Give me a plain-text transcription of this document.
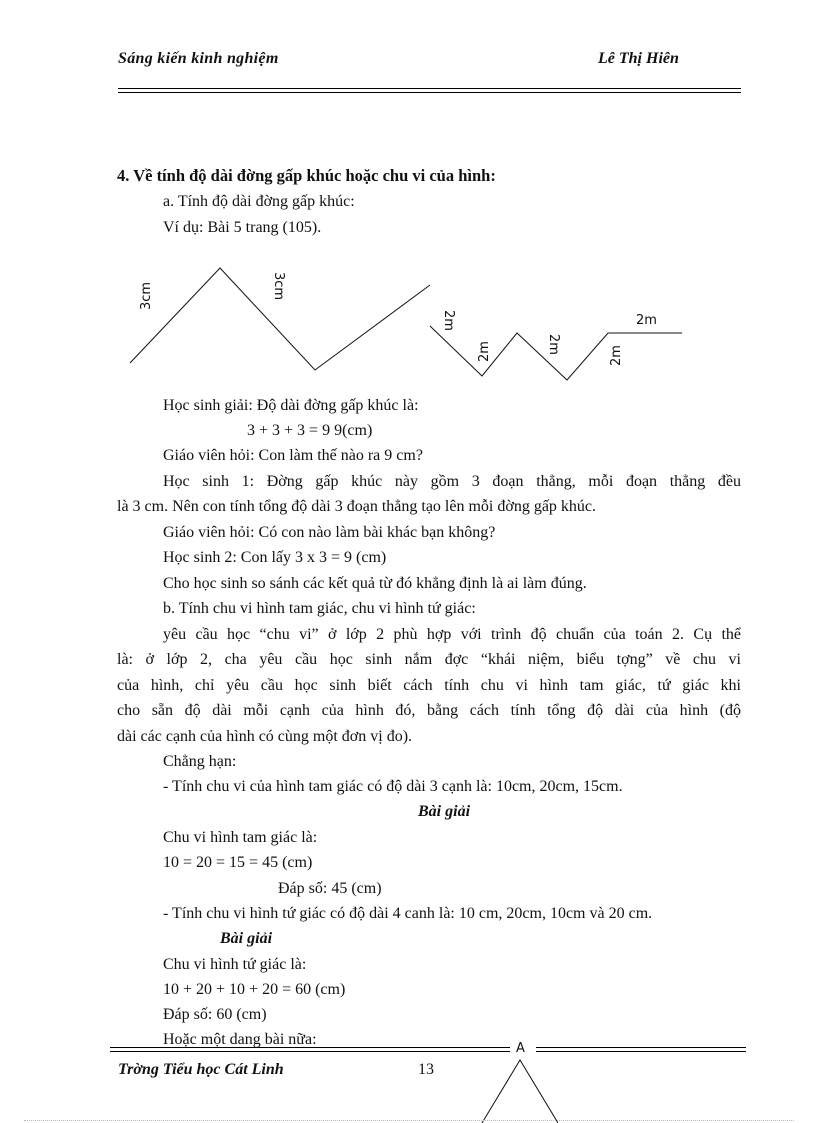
Sáng kiến kinh nghiệm	Lê Thị Hiên
4. Về tính độ dài đờng gấp khúc hoặc chu vi của hình:
a. Tính độ dài đờng gấp khúc:
Ví dụ: Bài 5 trang (105).
3cm	3cm
2m
2m	2m
2m
2m
Học sinh giải: Độ dài đờng gấp khúc là:
3 + 3 + 3 = 9 9(cm)
Giáo viên hỏi: Con làm thế nào ra 9 cm?
Học sinh 1: Đờng gấp khúc này gồm 3 đoạn thẳng, mỗi đoạn thẳng đều
là 3 cm. Nên con tính tổng độ dài 3 đoạn thẳng tạo lên mỗi đờng gấp khúc.
Giáo viên hỏi: Có con nào làm bài khác bạn không?
Học sinh 2: Con lấy 3 x 3 = 9 (cm)
Cho học sinh so sánh các kết quả từ đó khẳng định là ai làm đúng.
b. Tính chu vi hình tam giác, chu vi hình tứ giác:
yêu cầu học “chu vi” ở lớp 2 phù hợp với trình độ chuẩn của toán 2. Cụ thể
là: ở lớp 2, cha yêu cầu học sinh nắm đợc “khái niệm, biểu tợng” về chu vi
của hình, chỉ yêu cầu học sinh biết cách tính chu vi hình tam giác, tứ giác khi
cho sẵn độ dài mỗi cạnh của hình đó, bằng cách tính tổng độ dài của hình (độ
dài các cạnh của hình có cùng một đơn vị đo).
Chẳng hạn:
- Tính chu vi của hình tam giác có độ dài 3 cạnh là: 10cm, 20cm, 15cm.
Bài giải
Chu vi hình tam giác là:
10 = 20 = 15 = 45 (cm)
Đáp số: 45 (cm)
- Tính chu vi hình tứ giác có độ dài 4 canh là: 10 cm, 20cm, 10cm và 20 cm.
Bài giải
Chu vi hình tứ giác là:
10 + 20 + 10 + 20 = 60 (cm)
Đáp số: 60 (cm)
Hoặc một dang bài nữa:
A
Trờng Tiểu học Cát Linh	13
